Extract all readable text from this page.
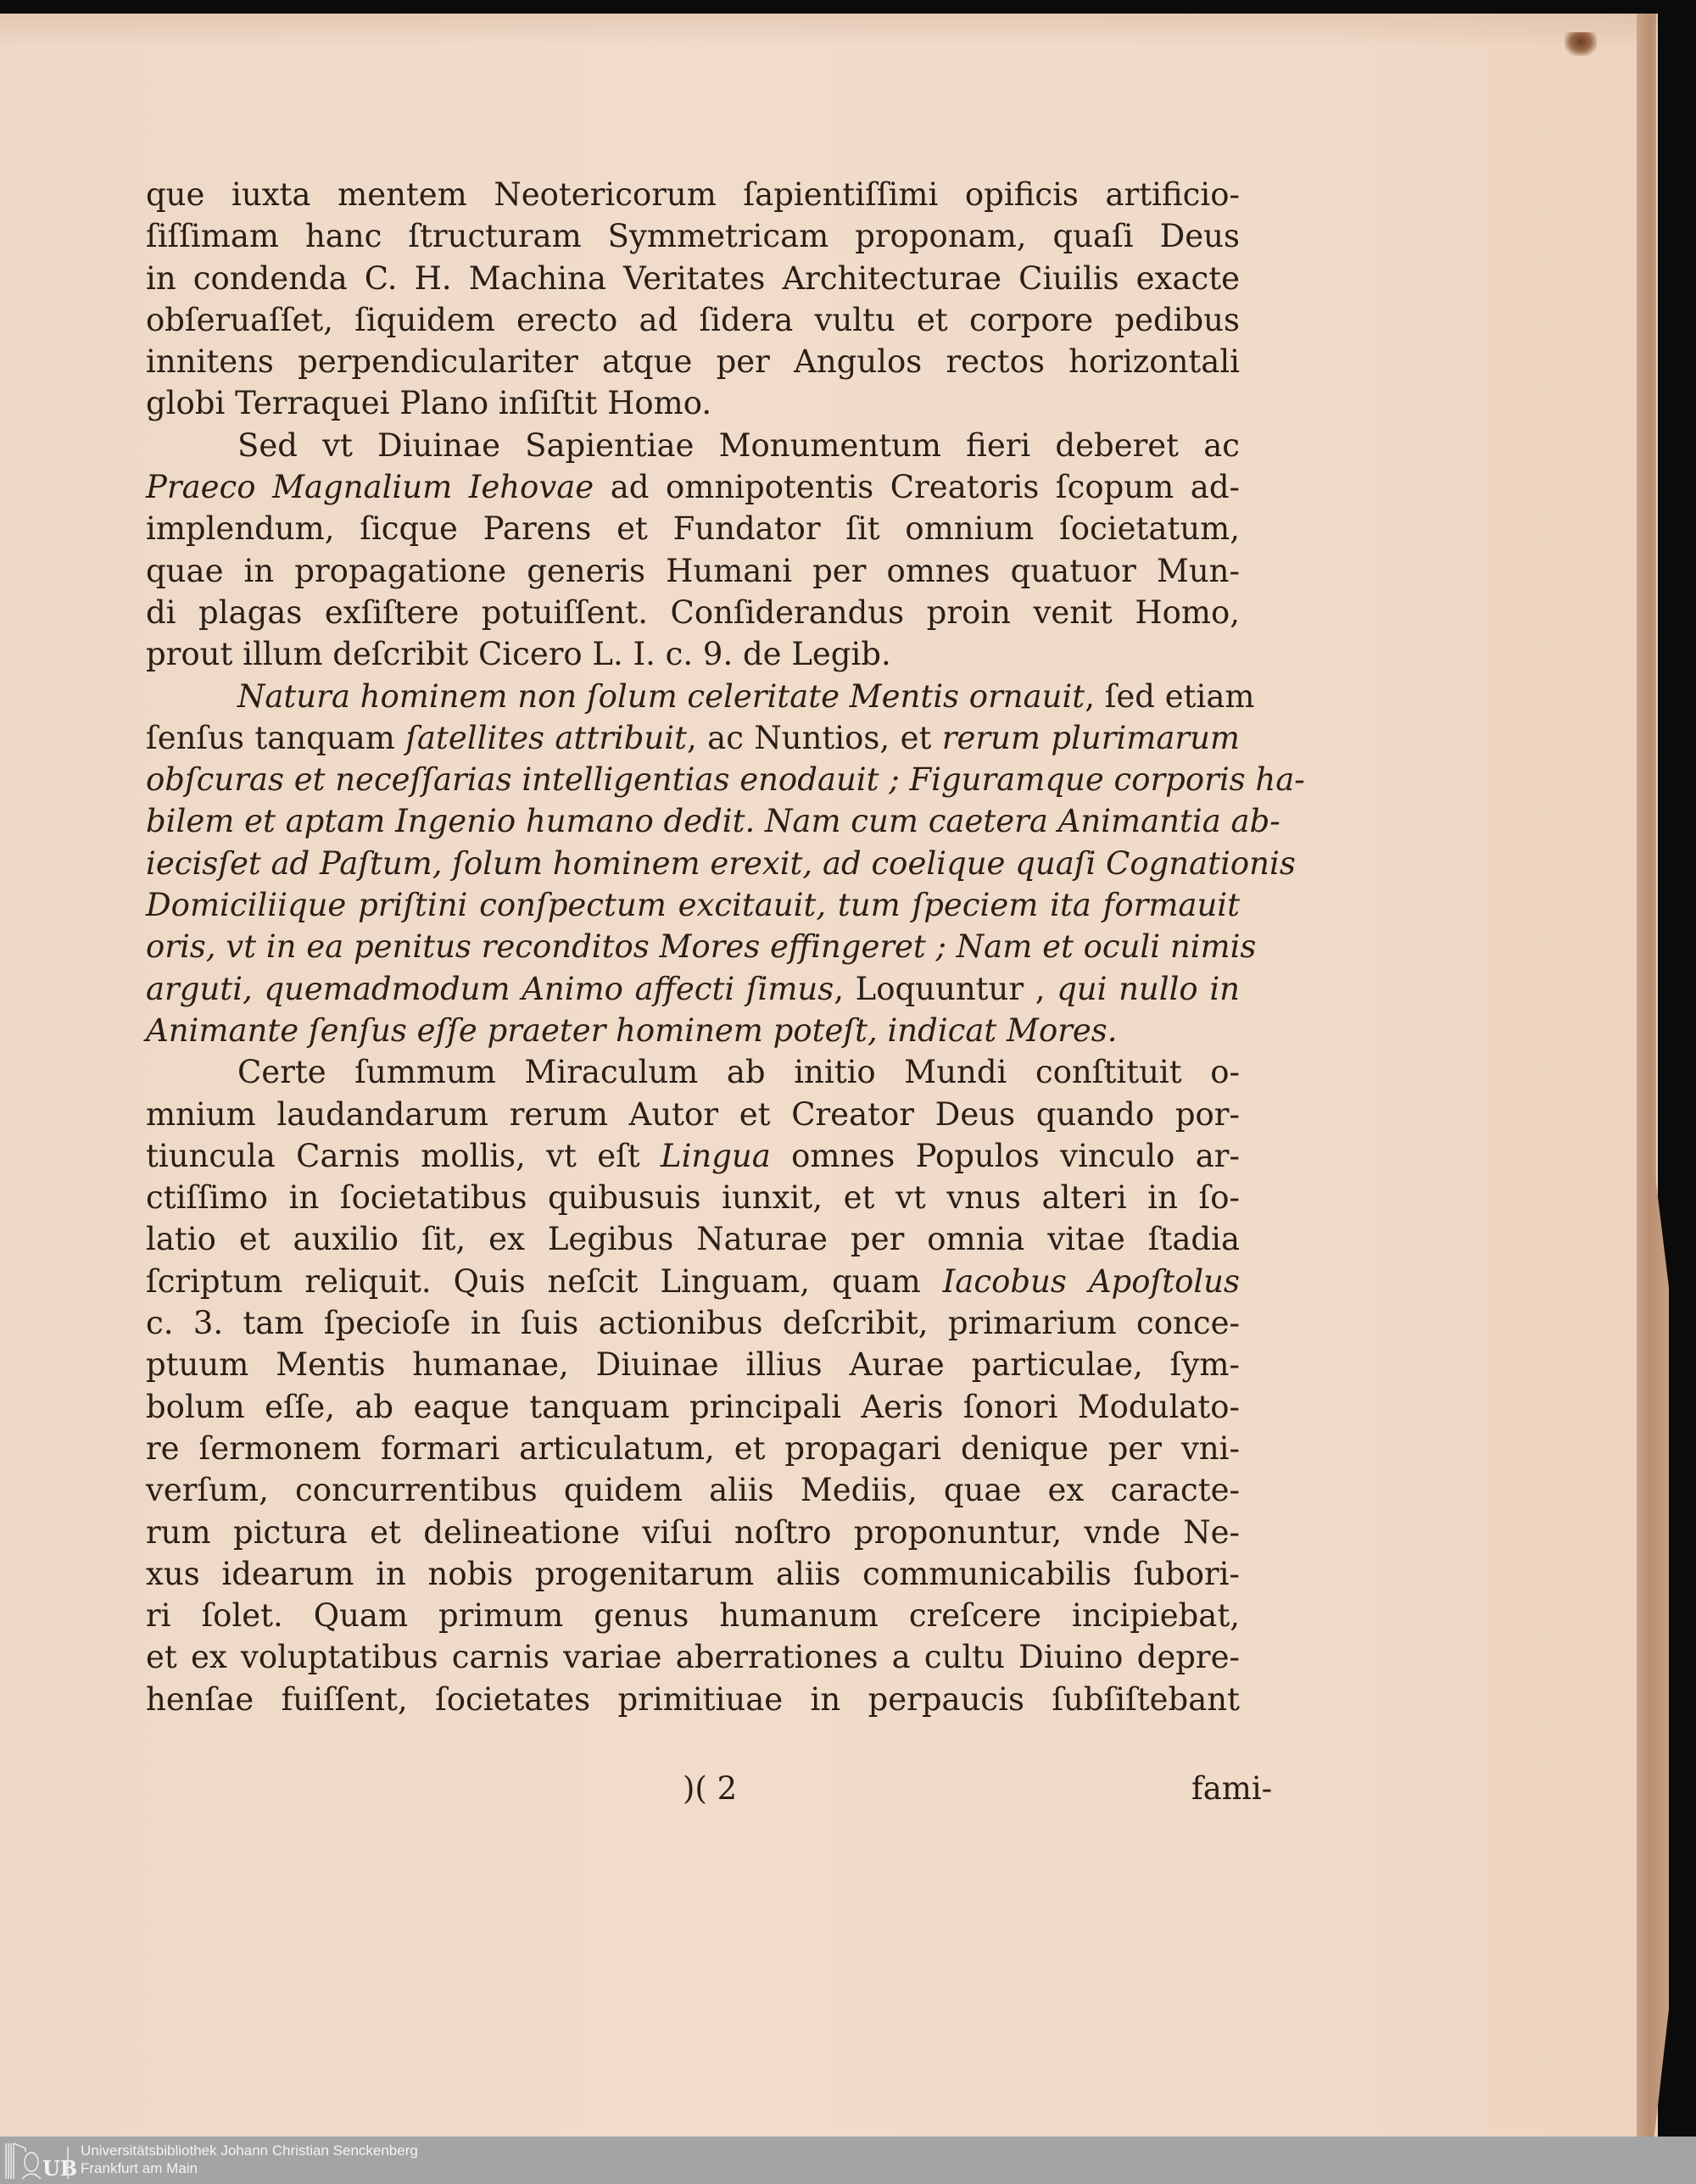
que iuxta mentem Neotericorum ſapientiſſimi opificis artificio-
ſiſſimam hanc ſtructuram Symmetricam proponam, quaſi Deus
in condenda C. H. Machina Veritates Architecturae Ciuilis exacte
obſeruaſſet, ſiquidem erecto ad ſidera vultu et corpore pedibus
innitens perpendiculariter atque per Angulos rectos horizontali
globi Terraquei Plano inſiſtit Homo.
Sed vt Diuinae Sapientiae Monumentum fieri deberet ac
Praeco Magnalium Iehovae ad omnipotentis Creatoris ſcopum ad-
implendum, ſicque Parens et Fundator ſit omnium ſocietatum,
quae in propagatione generis Humani per omnes quatuor Mun-
di plagas exſiſtere potuiſſent. Conſiderandus proin venit Homo,
prout illum deſcribit Cicero L. I. c. 9. de Legib.
Natura hominem non ſolum celeritate Mentis ornauit, ſed etiam
ſenſus tanquam ſatellites attribuit, ac Nuntios, et rerum plurimarum
obſcuras et neceſſarias intelligentias enodauit ; Figuramque corporis ha-
bilem et aptam Ingenio humano dedit. Nam cum caetera Animantia ab-
iecisſet ad Paſtum, ſolum hominem erexit, ad coelique quaſi Cognationis
Domiciliique priſtini conſpectum excitauit, tum ſpeciem ita formauit
oris, vt in ea penitus reconditos Mores effingeret ; Nam et oculi nimis
arguti, quemadmodum Animo affecti ſimus, Loquuntur , qui nullo in
Animante ſenſus eſſe praeter hominem poteſt, indicat Mores.
Certe ſummum Miraculum ab initio Mundi conſtituit o-
mnium laudandarum rerum Autor et Creator Deus quando por-
tiuncula Carnis mollis, vt eſt Lingua omnes Populos vinculo ar-
ctiſſimo in ſocietatibus quibusuis iunxit, et vt vnus alteri in ſo-
latio et auxilio ſit, ex Legibus Naturae per omnia vitae ſtadia
ſcriptum reliquit. Quis neſcit Linguam, quam Iacobus Apoſtolus
c. 3. tam ſpecioſe in ſuis actionibus deſcribit, primarium conce-
ptuum Mentis humanae, Diuinae illius Aurae particulae, ſym-
bolum eſſe, ab eaque tanquam principali Aeris ſonori Modulato-
re ſermonem formari articulatum, et propagari denique per vni-
verſum, concurrentibus quidem aliis Mediis, quae ex caracte-
rum pictura et delineatione viſui noſtro proponuntur, vnde Ne-
xus idearum in nobis progenitarum aliis communicabilis ſubori-
ri ſolet. Quam primum genus humanum creſcere incipiebat,
et ex voluptatibus carnis variae aberrationes a cultu Diuino depre-
henſae fuiſſent, ſocietates primitiuae in perpaucis ſubſiſtebant
)( 2	fami-
UB
Universitätsbibliothek Johann Christian Senckenberg
Frankfurt am Main
